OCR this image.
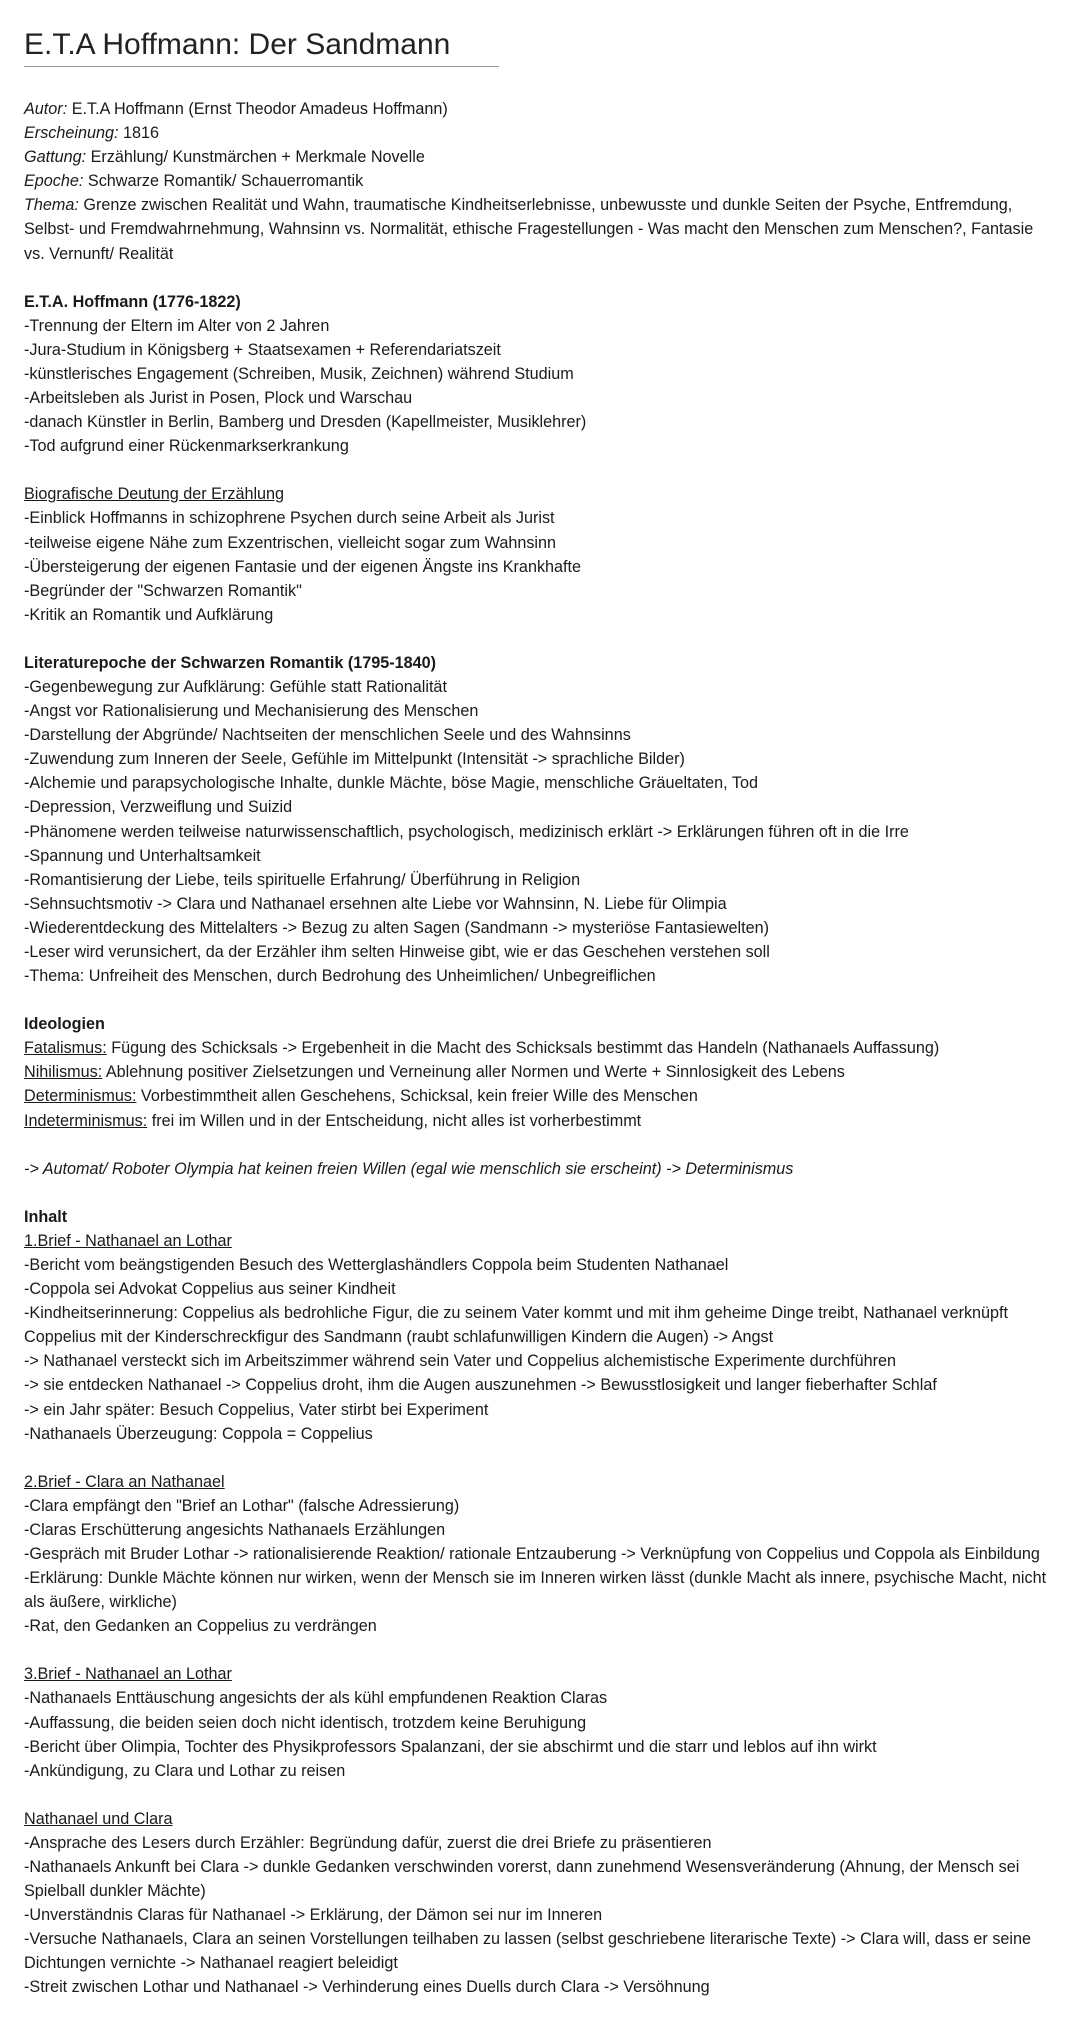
E.T.A Hoffmann: Der Sandmann

Autor: E.T.A Hoffmann (Ernst Theodor Amadeus Hoffmann)

Erscheinung: 1816

Gattung: Erzählung/ Kunstmärchen + Merkmale Novelle

Epoche: Schwarze Romantik/ Schauerromantik

Thema: Grenze zwischen Realität und Wahn, traumatische Kindheitserlebnisse, unbewusste und dunkle Seiten der Psyche, Entfremdung, Selbst- und Fremdwahrnehmung, Wahnsinn vs. Normalität, ethische Fragestellungen - Was macht den Menschen zum Menschen?, Fantasie vs. Vernunft/ Realität

E.T.A. Hoffmann (1776-1822)

-Trennung der Eltern im Alter von 2 Jahren

-Jura-Studium in Königsberg + Staatsexamen + Referendariatszeit

-künstlerisches Engagement (Schreiben, Musik, Zeichnen) während Studium

-Arbeitsleben als Jurist in Posen, Plock und Warschau

-danach Künstler in Berlin, Bamberg und Dresden (Kapellmeister, Musiklehrer)

-Tod aufgrund einer Rückenmarkserkrankung

Biografische Deutung der Erzählung

-Einblick Hoffmanns in schizophrene Psychen durch seine Arbeit als Jurist

-teilweise eigene Nähe zum Exzentrischen, vielleicht sogar zum Wahnsinn

-Übersteigerung der eigenen Fantasie und der eigenen Ängste ins Krankhafte

-Begründer der "Schwarzen Romantik"

-Kritik an Romantik und Aufklärung

Literaturepoche der Schwarzen Romantik (1795-1840)

-Gegenbewegung zur Aufklärung: Gefühle statt Rationalität

-Angst vor Rationalisierung und Mechanisierung des Menschen

-Darstellung der Abgründe/ Nachtseiten der menschlichen Seele und des Wahnsinns

-Zuwendung zum Inneren der Seele, Gefühle im Mittelpunkt (Intensität -> sprachliche Bilder)

-Alchemie und parapsychologische Inhalte, dunkle Mächte, böse Magie, menschliche Gräueltaten, Tod

-Depression, Verzweiflung und Suizid

-Phänomene werden teilweise naturwissenschaftlich, psychologisch, medizinisch erklärt -> Erklärungen führen oft in die Irre

-Spannung und Unterhaltsamkeit

-Romantisierung der Liebe, teils spirituelle Erfahrung/ Überführung in Religion

-Sehnsuchtsmotiv -> Clara und Nathanael ersehnen alte Liebe vor Wahnsinn, N. Liebe für Olimpia

-Wiederentdeckung des Mittelalters -> Bezug zu alten Sagen (Sandmann -> mysteriöse Fantasiewelten)

-Leser wird verunsichert, da der Erzähler ihm selten Hinweise gibt, wie er das Geschehen verstehen soll

-Thema: Unfreiheit des Menschen, durch Bedrohung des Unheimlichen/ Unbegreiflichen

Ideologien

Fatalismus: Fügung des Schicksals -> Ergebenheit in die Macht des Schicksals bestimmt das Handeln (Nathanaels Auffassung)

Nihilismus: Ablehnung positiver Zielsetzungen und Verneinung aller Normen und Werte + Sinnlosigkeit des Lebens

Determinismus: Vorbestimmtheit allen Geschehens, Schicksal, kein freier Wille des Menschen

Indeterminismus: frei im Willen und in der Entscheidung, nicht alles ist vorherbestimmt

-> Automat/ Roboter Olympia hat keinen freien Willen (egal wie menschlich sie erscheint) -> Determinismus

Inhalt

1.Brief - Nathanael an Lothar

-Bericht vom beängstigenden Besuch des Wetterglashändlers Coppola beim Studenten Nathanael

-Coppola sei Advokat Coppelius aus seiner Kindheit

-Kindheitserinnerung: Coppelius als bedrohliche Figur, die zu seinem Vater kommt und mit ihm geheime Dinge treibt, Nathanael verknüpft Coppelius mit der Kinderschreckfigur des Sandmann (raubt schlafunwilligen Kindern die Augen) -> Angst

-> Nathanael versteckt sich im Arbeitszimmer während sein Vater und Coppelius alchemistische Experimente durchführen

-> sie entdecken Nathanael -> Coppelius droht, ihm die Augen auszunehmen -> Bewusstlosigkeit und langer fieberhafter Schlaf

-> ein Jahr später: Besuch Coppelius, Vater stirbt bei Experiment

-Nathanaels Überzeugung: Coppola = Coppelius

2.Brief - Clara an Nathanael

-Clara empfängt den "Brief an Lothar" (falsche Adressierung)

-Claras Erschütterung angesichts Nathanaels Erzählungen

-Gespräch mit Bruder Lothar -> rationalisierende Reaktion/ rationale Entzauberung -> Verknüpfung von Coppelius und Coppola als Einbildung

-Erklärung: Dunkle Mächte können nur wirken, wenn der Mensch sie im Inneren wirken lässt (dunkle Macht als innere, psychische Macht, nicht als äußere, wirkliche)

-Rat, den Gedanken an Coppelius zu verdrängen

3.Brief - Nathanael an Lothar

-Nathanaels Enttäuschung angesichts der als kühl empfundenen Reaktion Claras

-Auffassung, die beiden seien doch nicht identisch, trotzdem keine Beruhigung

-Bericht über Olimpia, Tochter des Physikprofessors Spalanzani, der sie abschirmt und die starr und leblos auf ihn wirkt

-Ankündigung, zu Clara und Lothar zu reisen

Nathanael und Clara

-Ansprache des Lesers durch Erzähler: Begründung dafür, zuerst die drei Briefe zu präsentieren

-Nathanaels Ankunft bei Clara -> dunkle Gedanken verschwinden vorerst, dann zunehmend Wesensveränderung (Ahnung, der Mensch sei Spielball dunkler Mächte)

-Unverständnis Claras für Nathanael -> Erklärung, der Dämon sei nur im Inneren

-Versuche Nathanaels, Clara an seinen Vorstellungen teilhaben zu lassen (selbst geschriebene literarische Texte) -> Clara will, dass er seine Dichtungen vernichte -> Nathanael reagiert beleidigt

-Streit zwischen Lothar und Nathanael -> Verhinderung eines Duells durch Clara -> Versöhnung
